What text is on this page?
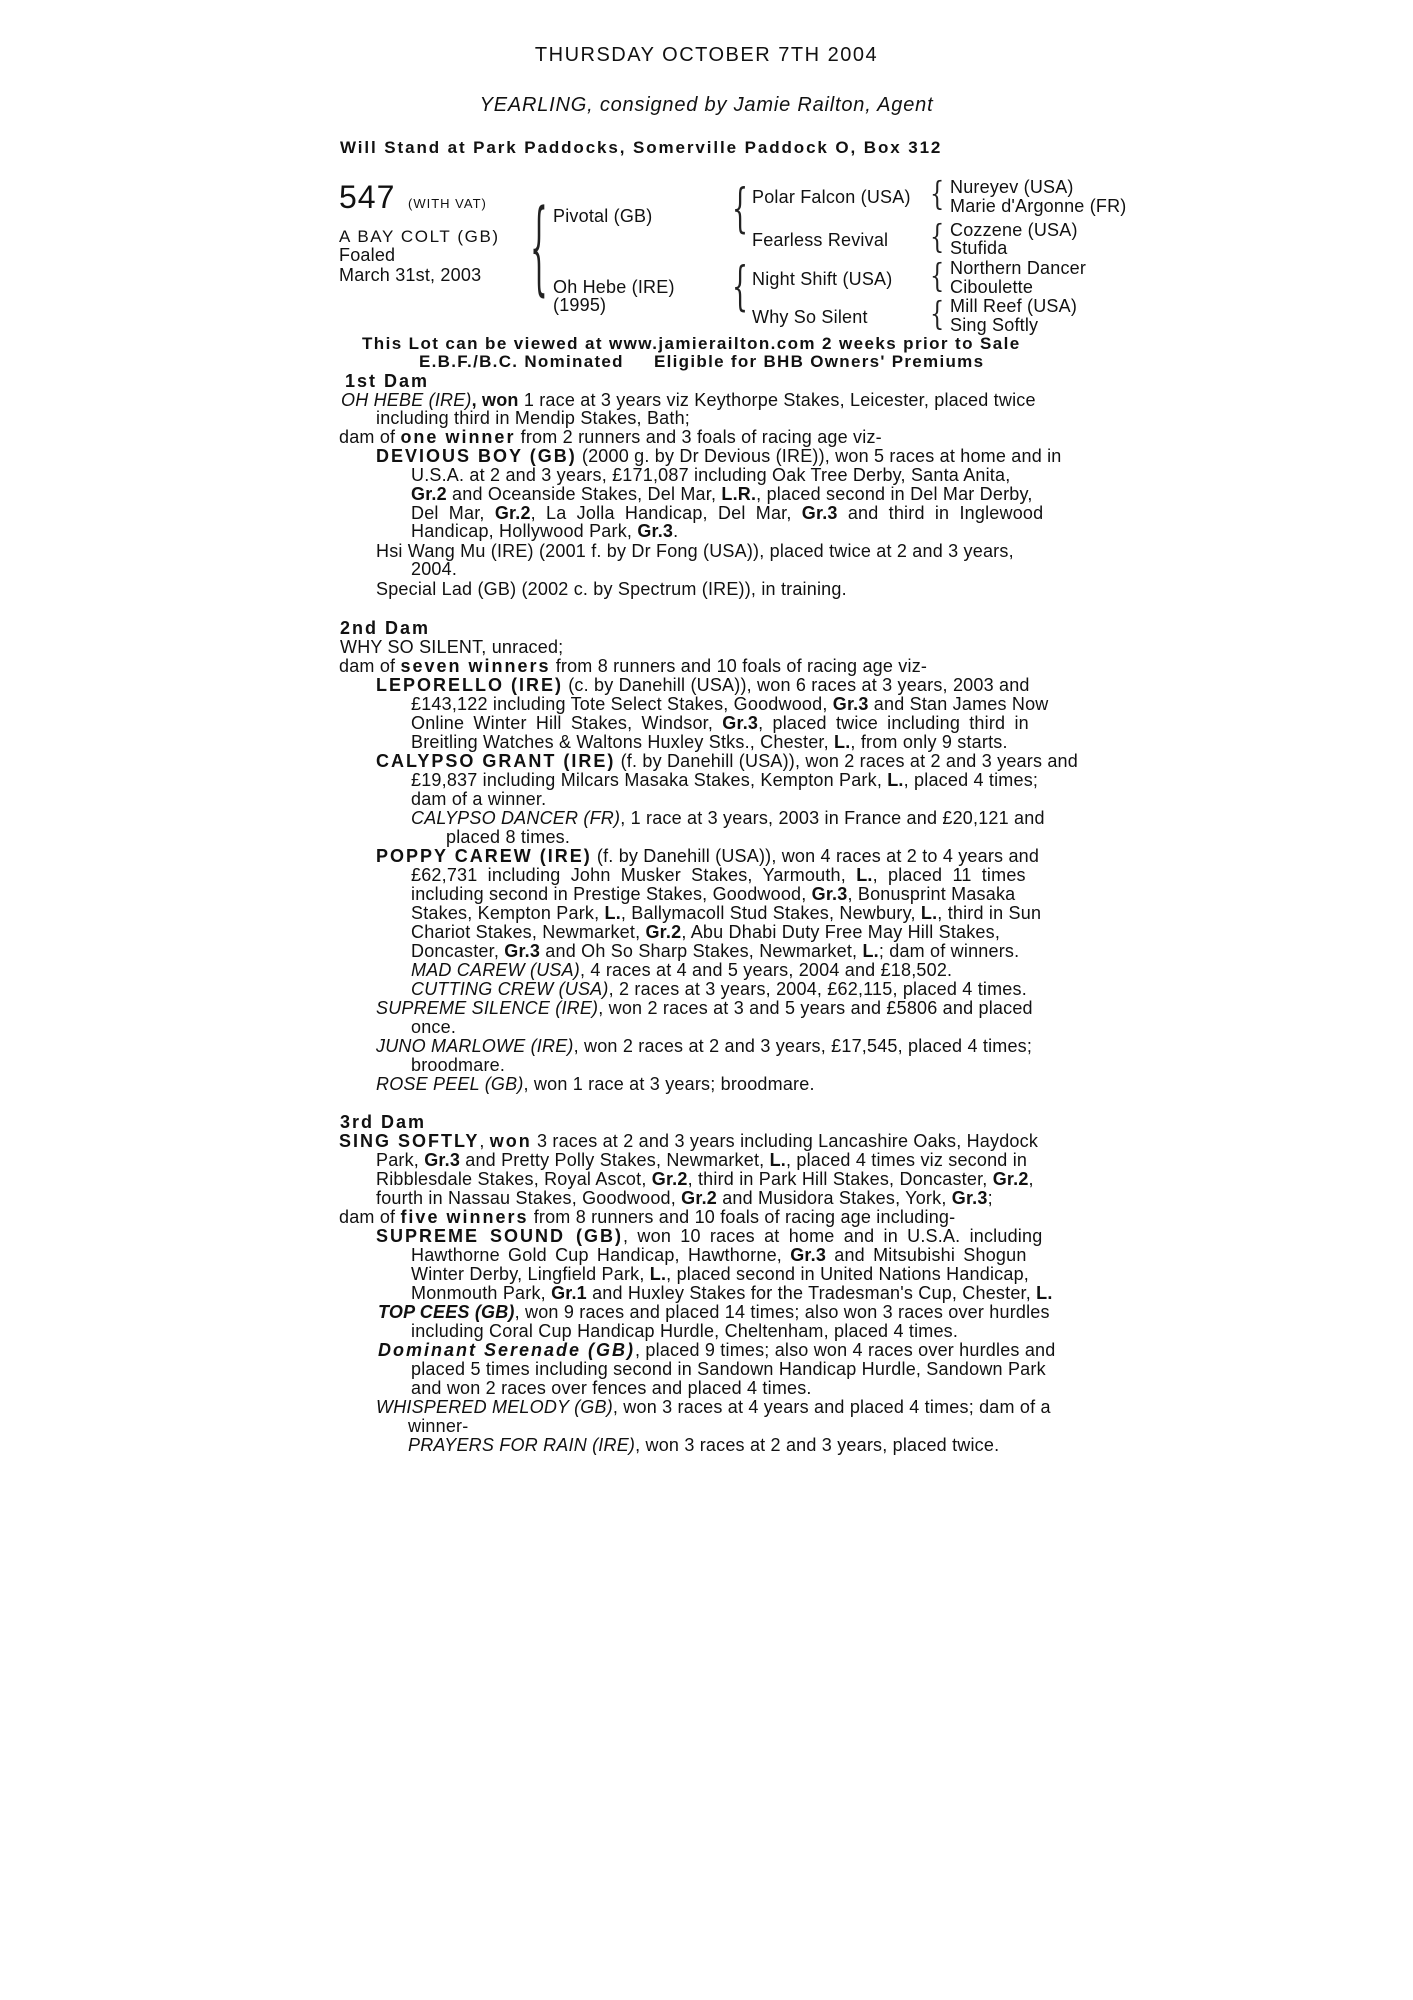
THURSDAY OCTOBER 7TH 2004
YEARLING, consigned by Jamie Railton, Agent
Will Stand at Park Paddocks, Somerville Paddock O, Box 312
547 (WITH VAT)
A BAY COLT (GB)
Foaled
March 31st, 2003 { Pivotal (GB)
Oh Hebe (IRE)
(1995)
{
{
Polar Falcon (USA)
Fearless Revival
Night Shift (USA)
Why So Silent
{
{
{
{
Nureyev (USA)
Marie d'Argonne (FR)
Cozzene (USA)
Stufida
Northern Dancer
Ciboulette
Mill Reef (USA)
Sing Softly
This Lot can be viewed at www.jamierailton.com 2 weeks prior to Sale
E.B.F./B.C. Nominated Eligible for BHB Owners' Premiums
1st Dam
OH HEBE (IRE), won 1 race at 3 years viz Keythorpe Stakes, Leicester, placed twice
including third in Mendip Stakes, Bath;
dam of one winner from 2 runners and 3 foals of racing age viz-
DEVIOUS BOY (GB) (2000 g. by Dr Devious (IRE)), won 5 races at home and in
U.S.A. at 2 and 3 years, £171,087 including Oak Tree Derby, Santa Anita,
Gr.2 and Oceanside Stakes, Del Mar, L.R., placed second in Del Mar Derby,
Del Mar, Gr.2, La Jolla Handicap, Del Mar, Gr.3 and third in Inglewood
Handicap, Hollywood Park, Gr.3.
Hsi Wang Mu (IRE) (2001 f. by Dr Fong (USA)), placed twice at 2 and 3 years,
2004.
Special Lad (GB) (2002 c. by Spectrum (IRE)), in training.
2nd Dam
WHY SO SILENT, unraced;
dam of seven winners from 8 runners and 10 foals of racing age viz-
LEPORELLO (IRE) (c. by Danehill (USA)), won 6 races at 3 years, 2003 and
£143,122 including Tote Select Stakes, Goodwood, Gr.3 and Stan James Now
Online Winter Hill Stakes, Windsor, Gr.3, placed twice including third in
Breitling Watches & Waltons Huxley Stks., Chester, L., from only 9 starts.
CALYPSO GRANT (IRE) (f. by Danehill (USA)), won 2 races at 2 and 3 years and
£19,837 including Milcars Masaka Stakes, Kempton Park, L., placed 4 times;
dam of a winner.
CALYPSO DANCER (FR), 1 race at 3 years, 2003 in France and £20,121 and
placed 8 times.
POPPY CAREW (IRE) (f. by Danehill (USA)), won 4 races at 2 to 4 years and
£62,731 including John Musker Stakes, Yarmouth, L., placed 11 times
including second in Prestige Stakes, Goodwood, Gr.3, Bonusprint Masaka
Stakes, Kempton Park, L., Ballymacoll Stud Stakes, Newbury, L., third in Sun
Chariot Stakes, Newmarket, Gr.2, Abu Dhabi Duty Free May Hill Stakes,
Doncaster, Gr.3 and Oh So Sharp Stakes, Newmarket, L.; dam of winners.
MAD CAREW (USA), 4 races at 4 and 5 years, 2004 and £18,502.
CUTTING CREW (USA), 2 races at 3 years, 2004, £62,115, placed 4 times.
SUPREME SILENCE (IRE), won 2 races at 3 and 5 years and £5806 and placed
once.
JUNO MARLOWE (IRE), won 2 races at 2 and 3 years, £17,545, placed 4 times;
broodmare.
ROSE PEEL (GB), won 1 race at 3 years; broodmare.
3rd Dam
SING SOFTLY, won 3 races at 2 and 3 years including Lancashire Oaks, Haydock
Park, Gr.3 and Pretty Polly Stakes, Newmarket, L., placed 4 times viz second in
Ribblesdale Stakes, Royal Ascot, Gr.2, third in Park Hill Stakes, Doncaster, Gr.2,
fourth in Nassau Stakes, Goodwood, Gr.2 and Musidora Stakes, York, Gr.3;
dam of five winners from 8 runners and 10 foals of racing age including-
SUPREME SOUND (GB), won 10 races at home and in U.S.A. including
Hawthorne Gold Cup Handicap, Hawthorne, Gr.3 and Mitsubishi Shogun
Winter Derby, Lingfield Park, L., placed second in United Nations Handicap,
Monmouth Park, Gr.1 and Huxley Stakes for the Tradesman's Cup, Chester, L.
TOP CEES (GB), won 9 races and placed 14 times; also won 3 races over hurdles
including Coral Cup Handicap Hurdle, Cheltenham, placed 4 times.
Dominant Serenade (GB), placed 9 times; also won 4 races over hurdles and
placed 5 times including second in Sandown Handicap Hurdle, Sandown Park
and won 2 races over fences and placed 4 times.
WHISPERED MELODY (GB), won 3 races at 4 years and placed 4 times; dam of a
winner-
PRAYERS FOR RAIN (IRE), won 3 races at 2 and 3 years, placed twice.
